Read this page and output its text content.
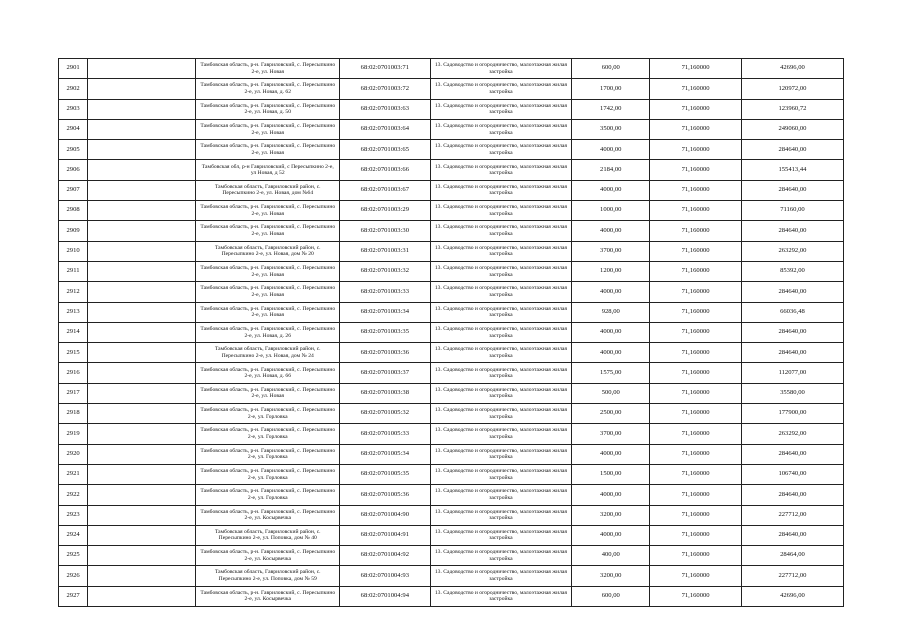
2901		Тамбовская область, р-н. Гавриловский, с. Пересыпкино 2-е, ул. Новая	68:02:0701003:71	13. Садоводство и огородничество, малоэтажная жилая застройка	600,00	71,160000	42696,00
2902		Тамбовская область, р-н. Гавриловский, с. Пересыпкино 2-е, ул. Новая, д. 62	68:02:0701003:72	13. Садоводство и огородничество, малоэтажная жилая застройка	1700,00	71,160000	120972,00
2903		Тамбовская область, р-н. Гавриловский, с. Пересыпкино 2-е, ул. Новая, д. 50	68:02:0701003:63	13. Садоводство и огородничество, малоэтажная жилая застройка	1742,00	71,160000	123960,72
2904		Тамбовская область, р-н. Гавриловский, с. Пересыпкино 2-е, ул. Новая	68:02:0701003:64	13. Садоводство и огородничество, малоэтажная жилая застройка	3500,00	71,160000	249060,00
2905		Тамбовская область, р-н. Гавриловский, с. Пересыпкино 2-е, ул. Новая	68:02:0701003:65	13. Садоводство и огородничество, малоэтажная жилая застройка	4000,00	71,160000	284640,00
2906		Тамбовская обл, р-н Гавриловский, с Пересыпкино 2-е, ул Новая, д 52	68:02:0701003:66	13. Садоводство и огородничество, малоэтажная жилая застройка	2184,00	71,160000	155413,44
2907		Тамбовская область, Гавриловский район, с. Пересыпкино 2-е, ул. Новая, дом №64	68:02:0701003:67	13. Садоводство и огородничество, малоэтажная жилая застройка	4000,00	71,160000	284640,00
2908		Тамбовская область, р-н. Гавриловский, с. Пересыпкино 2-е, ул. Новая	68:02:0701003:29	13. Садоводство и огородничество, малоэтажная жилая застройка	1000,00	71,160000	71160,00
2909		Тамбовская область, р-н. Гавриловский, с. Пересыпкино 2-е, ул. Новая	68:02:0701003:30	13. Садоводство и огородничество, малоэтажная жилая застройка	4000,00	71,160000	284640,00
2910		Тамбовская область, Гавриловский район, с. Пересыпкино 2-е, ул. Новая, дом № 20	68:02:0701003:31	13. Садоводство и огородничество, малоэтажная жилая застройка	3700,00	71,160000	263292,00
2911		Тамбовская область, р-н. Гавриловский, с. Пересыпкино 2-е, ул. Новая	68:02:0701003:32	13. Садоводство и огородничество, малоэтажная жилая застройка	1200,00	71,160000	85392,00
2912		Тамбовская область, р-н. Гавриловский, с. Пересыпкино 2-е, ул. Новая	68:02:0701003:33	13. Садоводство и огородничество, малоэтажная жилая застройка	4000,00	71,160000	284640,00
2913		Тамбовская область, р-н. Гавриловский, с. Пересыпкино 2-е, ул. Новая	68:02:0701003:34	13. Садоводство и огородничество, малоэтажная жилая застройка	928,00	71,160000	66036,48
2914		Тамбовская область, р-н. Гавриловский, с. Пересыпкино 2-е, ул. Новая, д. 26	68:02:0701003:35	13. Садоводство и огородничество, малоэтажная жилая застройка	4000,00	71,160000	284640,00
2915		Тамбовская область, Гавриловский район, с. Пересыпкино 2-е, ул. Новая, дом № 24	68:02:0701003:36	13. Садоводство и огородничество, малоэтажная жилая застройка	4000,00	71,160000	284640,00
2916		Тамбовская область, р-н. Гавриловский, с. Пересыпкино 2-е, ул. Новая, д. 66	68:02:0701003:37	13. Садоводство и огородничество, малоэтажная жилая застройка	1575,00	71,160000	112077,00
2917		Тамбовская область, р-н. Гавриловский, с. Пересыпкино 2-е, ул. Новая	68:02:0701003:38	13. Садоводство и огородничество, малоэтажная жилая застройка	500,00	71,160000	35580,00
2918		Тамбовская область, р-н. Гавриловский, с. Пересыпкино 2-е, ул. Горловка	68:02:0701005:32	13. Садоводство и огородничество, малоэтажная жилая застройка	2500,00	71,160000	177900,00
2919		Тамбовская область, р-н. Гавриловский, с. Пересыпкино 2-е, ул. Горловка	68:02:0701005:33	13. Садоводство и огородничество, малоэтажная жилая застройка	3700,00	71,160000	263292,00
2920		Тамбовская область, р-н. Гавриловский, с. Пересыпкино 2-е, ул. Горловка	68:02:0701005:34	13. Садоводство и огородничество, малоэтажная жилая застройка	4000,00	71,160000	284640,00
2921		Тамбовская область, р-н. Гавриловский, с. Пересыпкино 2-е, ул. Горловка	68:02:0701005:35	13. Садоводство и огородничество, малоэтажная жилая застройка	1500,00	71,160000	106740,00
2922		Тамбовская область, р-н. Гавриловский, с. Пересыпкино 2-е, ул. Горловка	68:02:0701005:36	13. Садоводство и огородничество, малоэтажная жилая застройка	4000,00	71,160000	284640,00
2923		Тамбовская область, р-н. Гавриловский, с. Пересыпкино 2-е, ул. Косырвечка	68:02:0701004:90	13. Садоводство и огородничество, малоэтажная жилая застройка	3200,00	71,160000	227712,00
2924		Тамбовская область, Гавриловский район, с. Пересыпкино 2-е, ул. Поповка, дом № 40	68:02:0701004:91	13. Садоводство и огородничество, малоэтажная жилая застройка	4000,00	71,160000	284640,00
2925		Тамбовская область, р-н. Гавриловский, с. Пересыпкино 2-е, ул. Косырвечка	68:02:0701004:92	13. Садоводство и огородничество, малоэтажная жилая застройка	400,00	71,160000	28464,00
2926		Тамбовская область, Гавриловский район, с. Пересыпкино 2-е, ул. Поповка, дом № 59	68:02:0701004:93	13. Садоводство и огородничество, малоэтажная жилая застройка	3200,00	71,160000	227712,00
2927		Тамбовская область, р-н. Гавриловский, с. Пересыпкино 2-е, ул. Косырвечка	68:02:0701004:94	13. Садоводство и огородничество, малоэтажная жилая застройка	600,00	71,160000	42696,00
